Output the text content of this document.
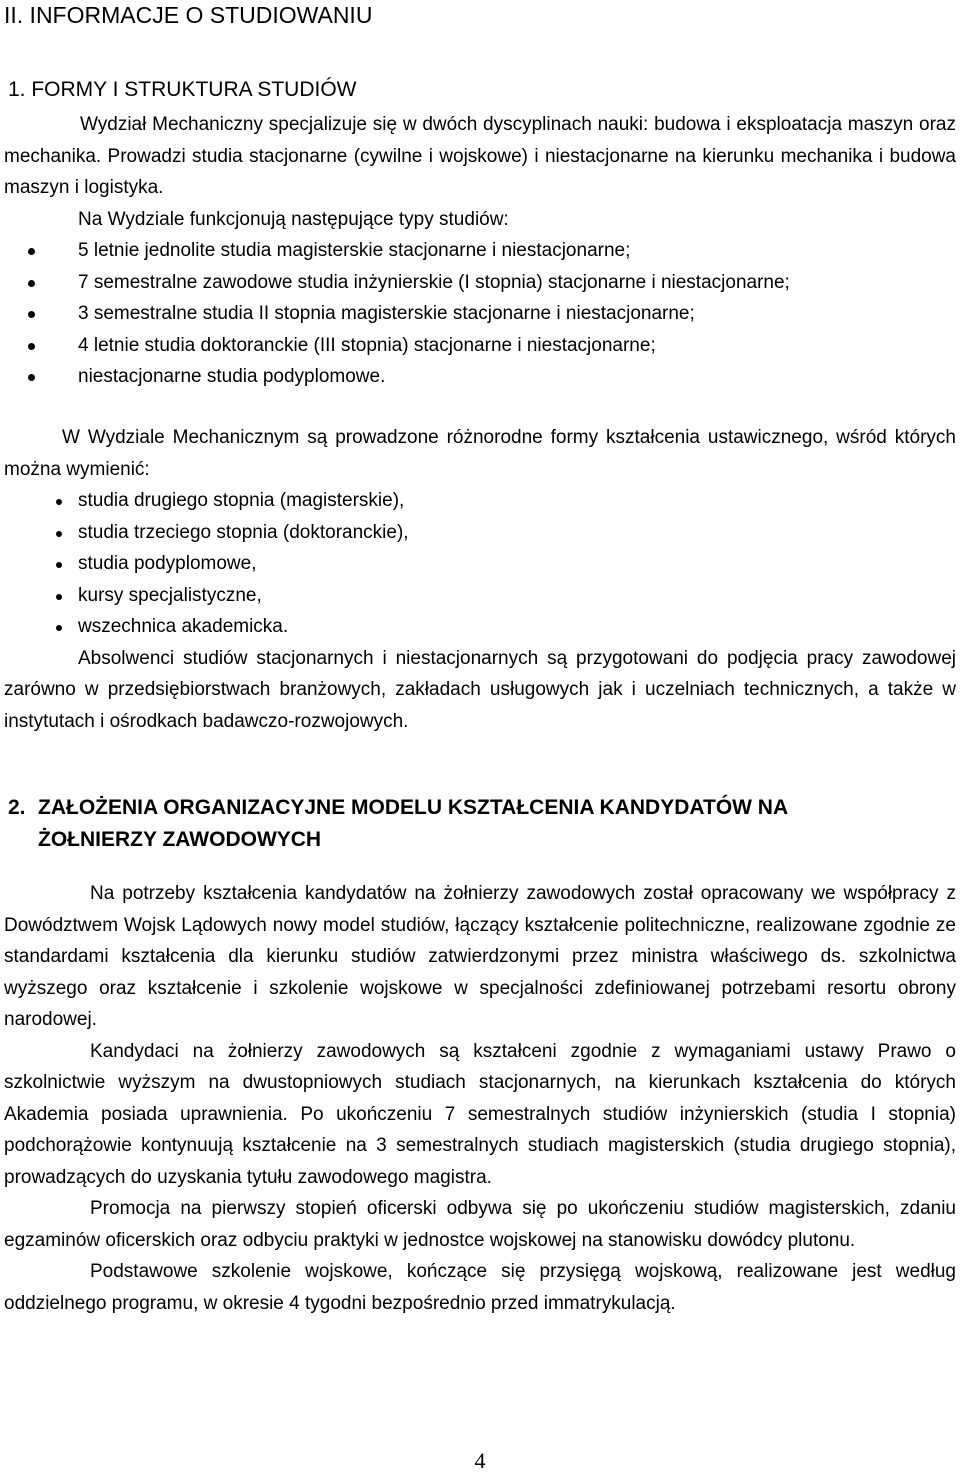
II. INFORMACJE O STUDIOWANIU
1. FORMY I STRUKTURA STUDIÓW

Wydział Mechaniczny specjalizuje się w dwóch dyscyplinach nauki: budowa i eksploatacja maszyn oraz mechanika. Prowadzi studia stacjonarne (cywilne i wojskowe) i niestacjonarne na kierunku mechanika i budowa maszyn i logistyka.

Na Wydziale funkcjonują następujące typy studiów:

5 letnie jednolite studia magisterskie stacjonarne i niestacjonarne;
7 semestralne zawodowe studia inżynierskie (I stopnia) stacjonarne i niestacjonarne;
3 semestralne studia II stopnia magisterskie stacjonarne i niestacjonarne;
4 letnie studia doktoranckie (III stopnia) stacjonarne i niestacjonarne;
niestacjonarne studia podyplomowe.

W Wydziale Mechanicznym są prowadzone różnorodne formy kształcenia ustawicznego, wśród których można wymienić:

studia drugiego stopnia (magisterskie),
studia trzeciego stopnia (doktoranckie),
studia podyplomowe,
kursy specjalistyczne,
wszechnica akademicka.

Absolwenci studiów stacjonarnych i niestacjonarnych są przygotowani do podjęcia pracy zawodowej zarówno w przedsiębiorstwach branżowych, zakładach usługowych jak i uczelniach technicznych, a także w instytutach i ośrodkach badawczo-rozwojowych.

2. ZAŁOŻENIA ORGANIZACYJNE MODELU KSZTAŁCENIA KANDYDATÓW NA
ŻOŁNIERZY ZAWODOWYCH

Na potrzeby kształcenia kandydatów na żołnierzy zawodowych został opracowany we współpracy z Dowództwem Wojsk Lądowych nowy model studiów, łączący kształcenie politechniczne, realizowane zgodnie ze standardami kształcenia dla kierunku studiów zatwierdzonymi przez ministra właściwego ds. szkolnictwa wyższego oraz kształcenie i szkolenie wojskowe w specjalności zdefiniowanej potrzebami resortu obrony narodowej.

Kandydaci na żołnierzy zawodowych są kształceni zgodnie z wymaganiami ustawy Prawo o szkolnictwie wyższym na dwustopniowych studiach stacjonarnych, na kierunkach kształcenia do których Akademia posiada uprawnienia. Po ukończeniu 7 semestralnych studiów inżynierskich (studia I stopnia) podchorążowie kontynuują kształcenie na 3 semestralnych studiach magisterskich (studia drugiego stopnia), prowadzących do uzyskania tytułu zawodowego magistra.

Promocja na pierwszy stopień oficerski odbywa się po ukończeniu studiów magisterskich, zdaniu egzaminów oficerskich oraz odbyciu praktyki w jednostce wojskowej na stanowisku dowódcy plutonu.

Podstawowe szkolenie wojskowe, kończące się przysięgą wojskową, realizowane jest według oddzielnego programu, w okresie 4 tygodni bezpośrednio przed immatrykulacją.

4
